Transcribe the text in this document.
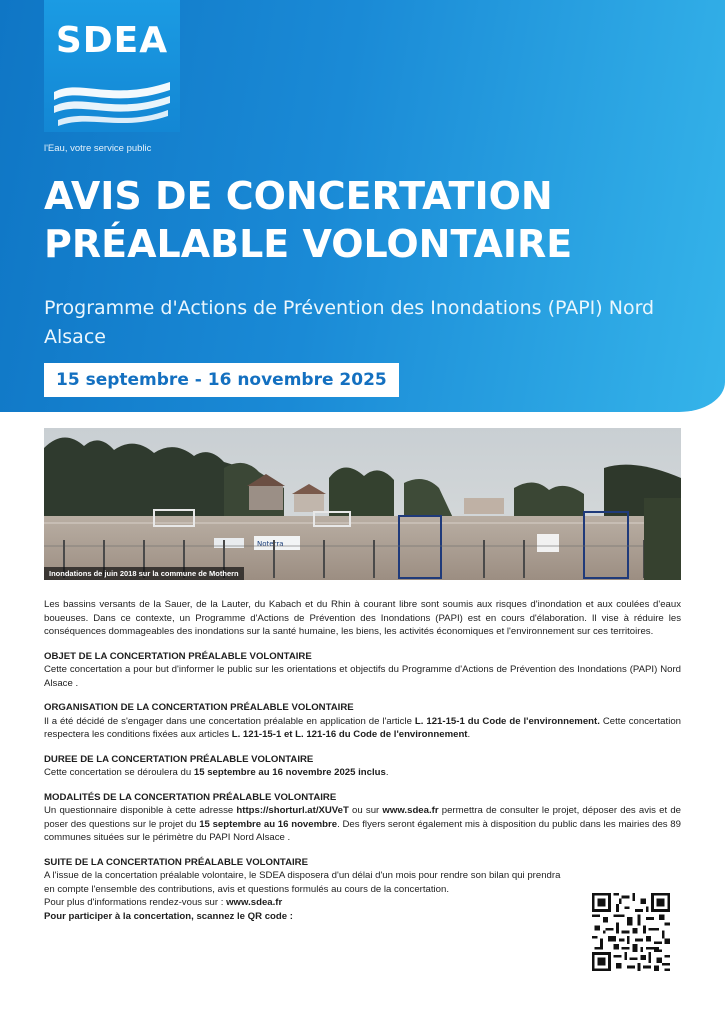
SDEA
l'Eau, votre service public
AVIS DE CONCERTATION
PRÉALABLE VOLONTAIRE
Programme d'Actions de Prévention des Inondations (PAPI) Nord Alsace
15 septembre - 16 novembre 2025
Noterra
Inondations de juin 2018 sur la commune de Mothern

Les bassins versants de la Sauer, de la Lauter, du Kabach et du Rhin à courant libre sont soumis aux risques d'inondation et aux coulées d'eaux boueuses. Dans ce contexte, un Programme d'Actions de Prévention des Inondations (PAPI) est en cours d'élaboration. Il vise à réduire les conséquences dommageables des inondations sur la santé humaine, les biens, les activités économiques et l'environnement sur ces territoires.

OBJET DE LA CONCERTATION PRÉALABLE VOLONTAIRE

Cette concertation a pour but d'informer le public sur les orientations et objectifs du Programme d'Actions de Prévention des Inondations (PAPI) Nord Alsace .

ORGANISATION DE LA CONCERTATION PRÉALABLE VOLONTAIRE

Il a été décidé de s'engager dans une concertation préalable en application de l'article L. 121-15-1 du Code de l'environnement. Cette concertation respectera les conditions fixées aux articles L. 121-15-1 et L. 121-16 du Code de l'environnement.

DUREE DE LA CONCERTATION PRÉALABLE VOLONTAIRE

Cette concertation se déroulera du 15 septembre au 16 novembre 2025 inclus.

MODALITÉS DE LA CONCERTATION PRÉALABLE VOLONTAIRE

Un questionnaire disponible à cette adresse https://shorturl.at/XUVeT ou sur www.sdea.fr permettra de consulter le projet, déposer des avis et de poser des questions sur le projet du 15 septembre au 16 novembre. Des flyers seront également mis à disposition du public dans les mairies des 89 communes situées sur le périmètre du PAPI Nord Alsace .

SUITE DE LA CONCERTATION PRÉALABLE VOLONTAIRE

A l'issue de la concertation préalable volontaire, le SDEA disposera d'un délai d'un mois pour rendre son bilan qui prendra

en compte l'ensemble des contributions, avis et questions formulés au cours de la concertation.

Pour plus d'informations rendez-vous sur : www.sdea.fr

Pour participer à la concertation, scannez le QR code :
